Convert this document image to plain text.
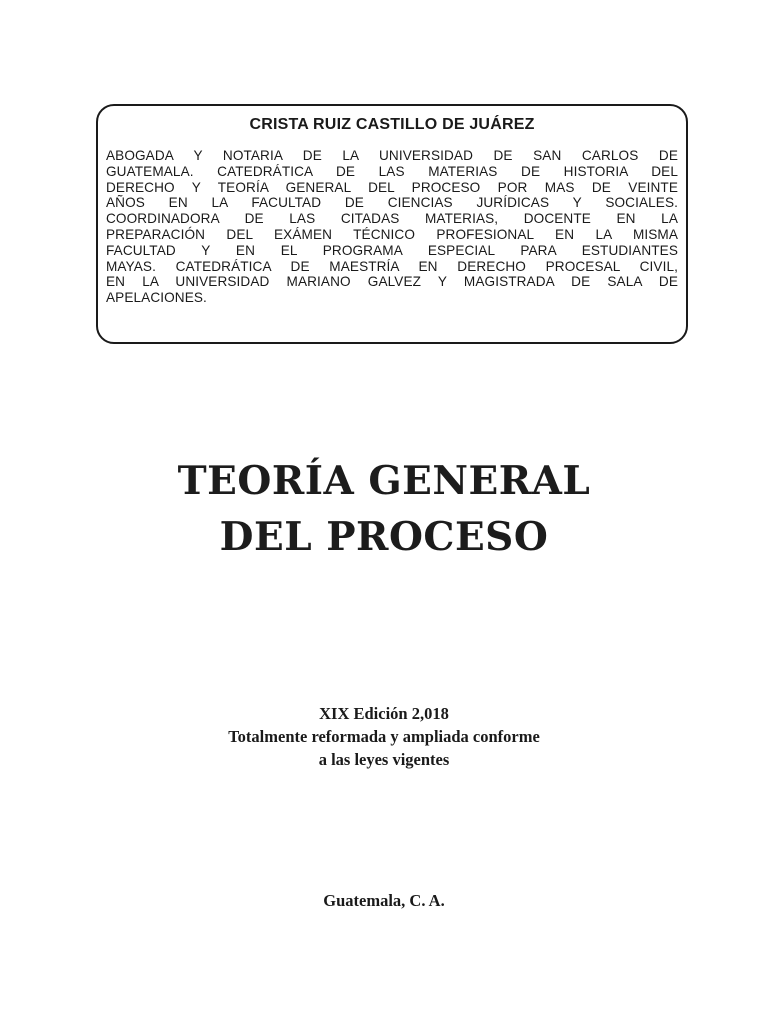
CRISTA RUIZ CASTILLO DE JUÁREZ
ABOGADA Y NOTARIA DE LA UNIVERSIDAD DE SAN CARLOS DE
GUATEMALA. CATEDRÁTICA DE LAS MATERIAS DE HISTORIA DEL
DERECHO Y TEORÍA GENERAL DEL PROCESO POR MAS DE VEINTE
AÑOS EN LA FACULTAD DE CIENCIAS JURÍDICAS Y SOCIALES.
COORDINADORA DE LAS CITADAS MATERIAS, DOCENTE EN LA
PREPARACIÓN DEL EXÁMEN TÉCNICO PROFESIONAL EN LA MISMA
FACULTAD Y EN EL PROGRAMA ESPECIAL PARA ESTUDIANTES
MAYAS. CATEDRÁTICA DE MAESTRÍA EN DERECHO PROCESAL CIVIL,
EN LA UNIVERSIDAD MARIANO GALVEZ Y MAGISTRADA DE SALA DE
APELACIONES.
TEORÍA GENERAL
DEL PROCESO
XIX Edición 2,018
Totalmente reformada y ampliada conforme
a las leyes vigentes
Guatemala, C. A.
